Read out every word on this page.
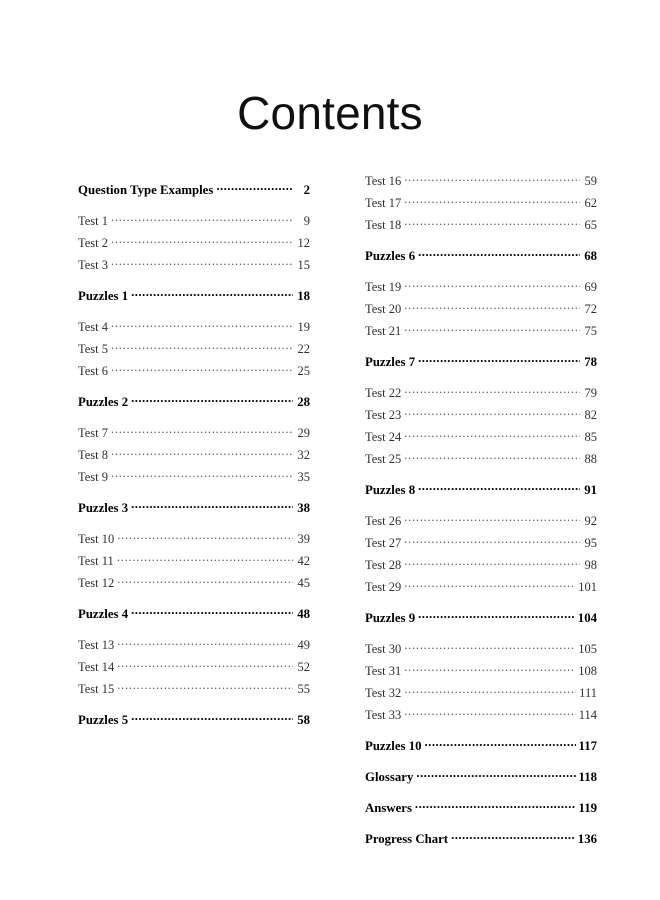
Contents
Question Type Examples .....	2
Test 1 .....	9
Test 2 .....	12
Test 3 .....	15
Puzzles 1 .....	18
Test 4 .....	19
Test 5 .....	22
Test 6 .....	25
Puzzles 2 .....	28
Test 7 .....	29
Test 8 .....	32
Test 9 .....	35
Puzzles 3 .....	38
Test 10 .....	39
Test 11 .....	42
Test 12 .....	45
Puzzles 4 .....	48
Test 13 .....	49
Test 14 .....	52
Test 15 .....	55
Puzzles 5 .....	58
Test 16 .....	59
Test 17 .....	62
Test 18 .....	65
Puzzles 6 .....	68
Test 19 .....	69
Test 20 .....	72
Test 21 .....	75
Puzzles 7 .....	78
Test 22 .....	79
Test 23 .....	82
Test 24 .....	85
Test 25 .....	88
Puzzles 8 .....	91
Test 26 .....	92
Test 27 .....	95
Test 28 .....	98
Test 29 .....	101
Puzzles 9 .....	104
Test 30 .....	105
Test 31 .....	108
Test 32 .....	111
Test 33 .....	114
Puzzles 10 .....	117
Glossary .....	118
Answers .....	119
Progress Chart .....	136
